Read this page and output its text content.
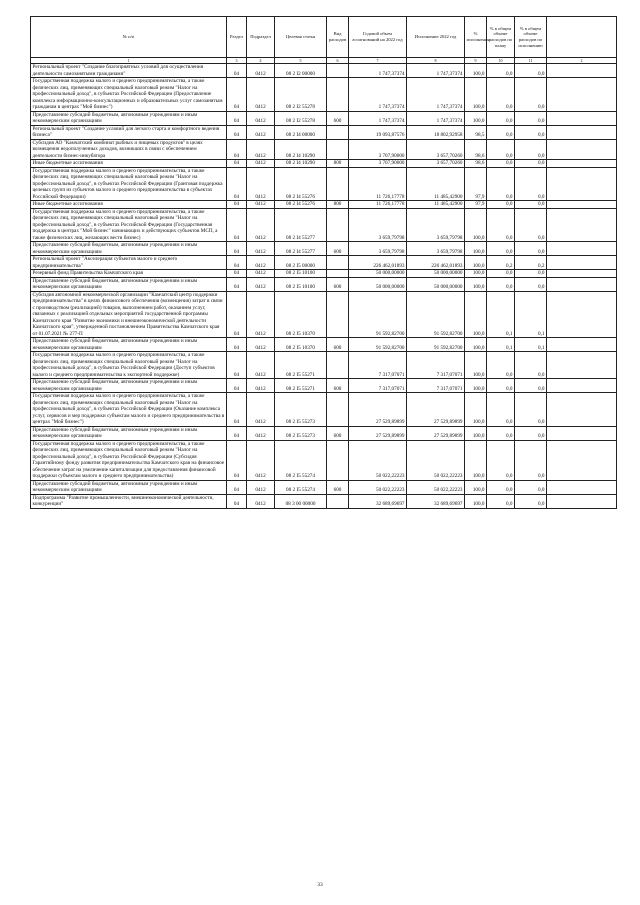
№ п/п	Раздел	Подраздел	Целевая статья	Вид расходов	Годовой объем ассигнований на 2022 год	Исполнение 2022 год	% исполнения	% в общем объеме расходов по плану	% в общем объеме расходов по исполнению	
1	3	4	5	6	7	8	9	10	11	2
Региональный проект "Создание благоприятных условий для осуществления деятельности самозанятыми гражданами"	04	0412	08 2 I2 00000		1 747,37374	1 747,37374	100,0	0,0	0,0	
Государственная поддержка малого и среднего предпринимательства, а также физических лиц, применяющих специальный налоговый режим "Налог на профессиональный доход", в субъектах Российской Федерации (Предоставление комплекса информационно-консультационных и образовательных услуг самозанятым гражданам в центрах "Мой бизнес")	04	0412	08 2 I2 55278		1 747,37374	1 747,37374	100,0	0,0	0,0	
Предоставление субсидий бюджетным, автономным учреждениям и иным некоммерческим организациям	04	0412	08 2 I2 55278	600	1 747,37374	1 747,37374	100,0	0,0	0,0	
Региональный проект "Создание условий для легкого старта и комфортного ведения бизнеса"	04	0412	08 2 I4 00000		19 093,87576	18 802,92958	98,5	0,0	0,0	
Субсидия АО "Камчатский комбинат рыбных и пищевых продуктов" в целях возмещения недополученных доходов, возникших в связи с обеспечением деятельности бизнес-инкубатора	04	0412	08 2 I4 10290		3 707,90000	3 657,70260	98,6	0,0	0,0	
Иные бюджетные ассигнования	04	0412	08 2 I4 10290	800	3 707,90000	3 657,70260	98,6	0,0	0,0	
Государственная поддержка малого и среднего предпринимательства, а также физических лиц, применяющих специальный налоговый режим "Налог на профессиональный доход", в субъектах Российской Федерации (Грантовая поддержка целевых групп из субъектов малого и среднего предпринимательства в субъектах Российской Федерации)	04	0412	08 2 I4 55276		11 726,17778	11 485,42900	97,9	0,0	0,0	
Иные бюджетные ассигнования	04	0412	08 2 I4 55276	800	11 726,17778	11 485,42900	97,9	0,0	0,0	
Государственная поддержка малого и среднего предпринимательства, а также физических лиц, применяющих специальный налоговый режим "Налог на профессиональный доход", в субъектах Российской Федерации (Государственная поддержка в центрах "Мой бизнес" начинающих и действующих субъектов МСП, а также физических лиц, желающих вести бизнес)	04	0412	08 2 I4 55277		3 659,79798	3 659,79798	100,0	0,0	0,0	
Предоставление субсидий бюджетным, автономным учреждениям и иным некоммерческим организациям	04	0412	08 2 I4 55277	600	3 659,79798	3 659,79798	100,0	0,0	0,0	
Региональный проект "Акселерация субъектов малого и среднего предпринимательства"	04	0412	08 2 I5 00000		226 462,01893	226 462,01893	100,0	0,2	0,2	
Резервный фонд Правительства Камчатского края	04	0412	08 2 I5 10100		50 000,00000	50 000,00000	100,0	0,0	0,0	
Предоставление субсидий бюджетным, автономным учреждениям и иным некоммерческим организациям	04	0412	08 2 I5 10100	600	50 000,00000	50 000,00000	100,0	0,0	0,0	
Субсидия автономной некоммерческой организации "Камчатский центр поддержки предпринимательства" в целях финансового обеспечения (возмещения) затрат в связи с производством (реализацией) товаров, выполнением работ, оказанием услуг, связанных с реализацией отдельных мероприятий государственной программы Камчатского края "Развитие экономики и внешнеэкономической деятельности Камчатского края", утвержденной постановлением Правительства Камчатского края от 01.07.2021 № 277-П	04	0412	08 2 I5 10370		91 592,82700	91 592,82700	100,0	0,1	0,1	
Предоставление субсидий бюджетным, автономным учреждениям и иным некоммерческим организациям	04	0412	08 2 I5 10370	600	91 592,82700	91 592,82700	100,0	0,1	0,1	
Государственная поддержка малого и среднего предпринимательства, а также физических лиц, применяющих специальный налоговый режим "Налог на профессиональный доход", в субъектах Российской Федерации (Доступ субъектов малого и среднего предпринимательства к экспортной поддержке)	04	0412	08 2 I5 55271		7 317,07071	7 317,07071	100,0	0,0	0,0	
Предоставление субсидий бюджетным, автономным учреждениям и иным некоммерческим организациям	04	0412	08 2 I5 55271	600	7 317,07071	7 317,07071	100,0	0,0	0,0	
Государственная поддержка малого и среднего предпринимательства, а также физических лиц, применяющих специальный налоговый режим "Налог на профессиональный доход", в субъектах Российской Федерации (Оказание комплекса услуг, сервисов и мер поддержки субъектам малого и среднего предпринимательства в центрах "Мой бизнес")	04	0412	08 2 I5 55273		27 529,89899	27 529,89899	100,0	0,0	0,0	
Предоставление субсидий бюджетным, автономным учреждениям и иным некоммерческим организациям	04	0412	08 2 I5 55273	600	27 529,89899	27 529,89899	100,0	0,0	0,0	
Государственная поддержка малого и среднего предпринимательства, а также физических лиц, применяющих специальный налоговый режим "Налог на профессиональный доход", в субъектах Российской Федерации (Субсидия Гарантийному фонду развития предпринимательства Камчатского края на финансовое обеспечение затрат на увеличение капитализации для предоставления финансовой поддержки субъектам малого и среднего предпринимательства)	04	0412	08 2 I5 55274		50 022,22223	50 022,22223	100,0	0,0	0,0	
Предоставление субсидий бюджетным, автономным учреждениям и иным некоммерческим организациям	04	0412	08 2 I5 55274	600	50 022,22223	50 022,22223	100,0	0,0	0,0	
Подпрограмма "Развитие промышленности, внешнеэкономической деятельности, конкуренции"	04	0412	08 3 00 00000		32 689,69697	32 689,69697	100,0	0,0	0,0	
33
